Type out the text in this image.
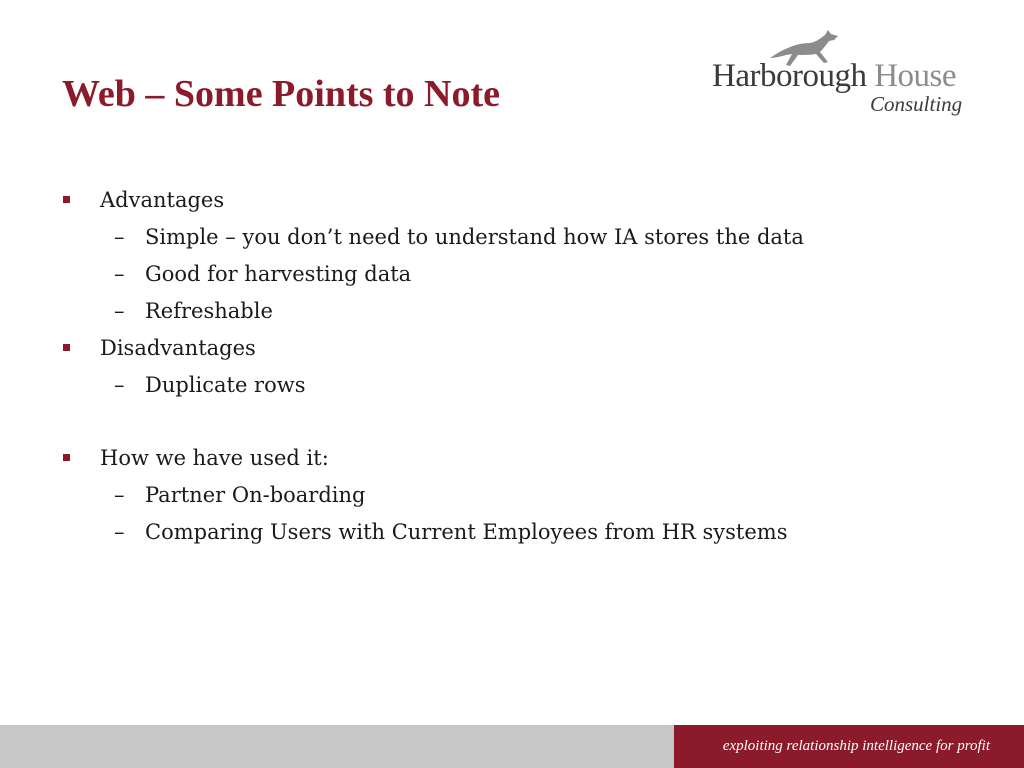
Web – Some Points to Note	Harborough House
Consulting
Advantages
– Simple – you don’t need to understand how IA stores the data
– Good for harvesting data
– Refreshable
Disadvantages
– Duplicate rows
How we have used it:
– Partner On-boarding
– Comparing Users with Current Employees from HR systems
exploiting relationship intelligence for profit
